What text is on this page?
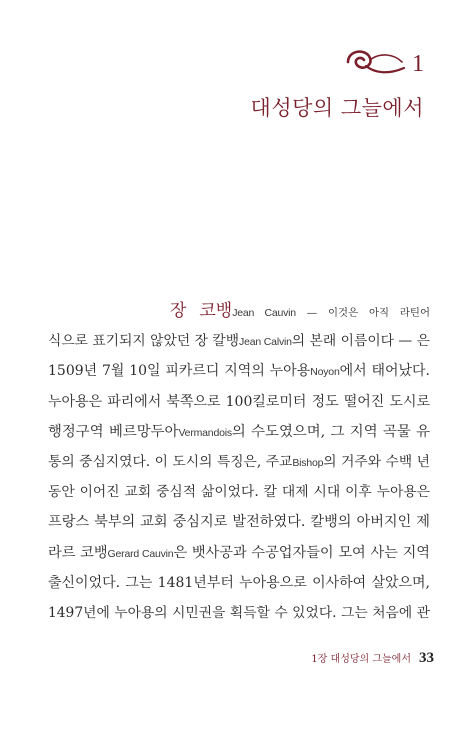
1
대성당의 그늘에서
장 코뱅Jean Cauvin — 이것은 아직 라틴어
식으로 표기되지 않았던 장 칼뱅Jean Calvin의 본래 이름이다 — 은
1509년 7월 10일 피카르디 지역의 누아용Noyon에서 태어났다.
누아용은 파리에서 북쪽으로 100킬로미터 정도 떨어진 도시로
행정구역 베르망두아Vermandois의 수도였으며, 그 지역 곡물 유
통의 중심지였다. 이 도시의 특징은, 주교Bishop의 거주와 수백 년
동안 이어진 교회 중심적 삶이었다. 칼 대제 시대 이후 누아용은
프랑스 북부의 교회 중심지로 발전하였다. 칼뱅의 아버지인 제
라르 코뱅Gerard Cauvin은 뱃사공과 수공업자들이 모여 사는 지역
출신이었다. 그는 1481년부터 누아용으로 이사하여 살았으며,
1497년에 누아용의 시민권을 획득할 수 있었다. 그는 처음에 관
1장 대성당의 그늘에서 33
